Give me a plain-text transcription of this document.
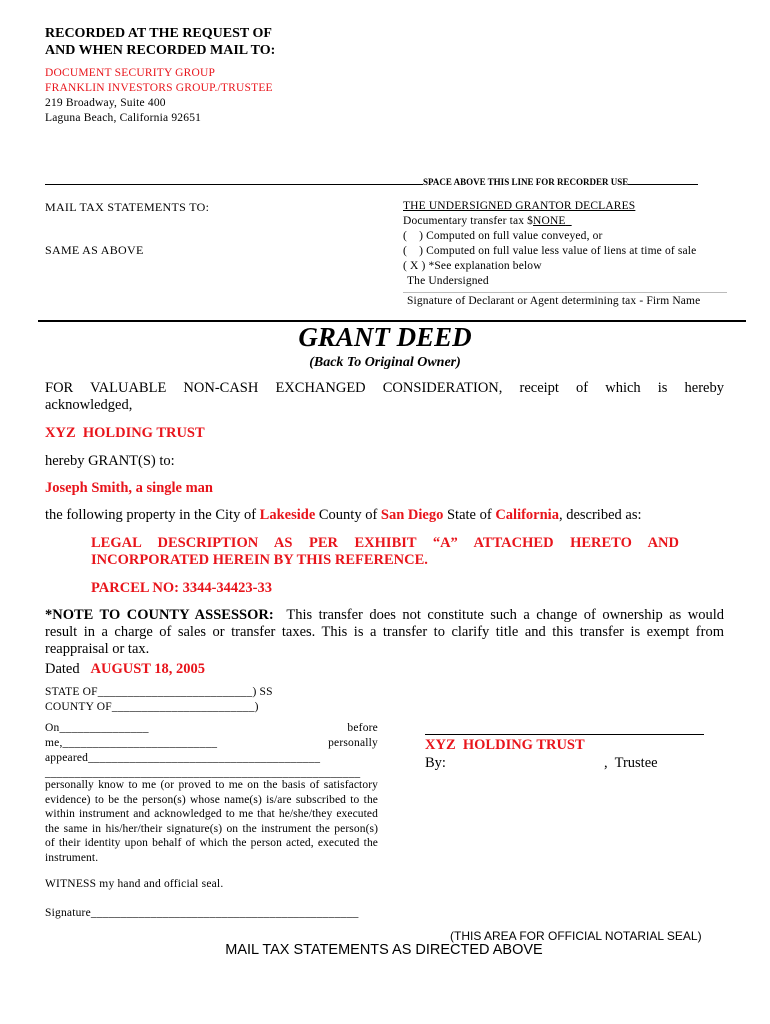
RECORDED AT THE REQUEST OF
AND WHEN RECORDED MAIL TO:
DOCUMENT SECURITY GROUP
FRANKLIN INVESTORS GROUP./TRUSTEE
219 Broadway, Suite 400
Laguna Beach, California 92651
SPACE ABOVE THIS LINE FOR RECORDER USE
MAIL TAX STATEMENTS TO:
SAME AS ABOVE
THE UNDERSIGNED GRANTOR DECLARES
Documentary transfer tax $NONE
(    ) Computed on full value conveyed, or
(    ) Computed on full value less value of liens at time of sale
( X ) *See explanation below
The Undersigned
Signature of Declarant or Agent determining tax - Firm Name
GRANT DEED
(Back To Original Owner)
FOR  VALUABLE  NON-CASH  EXCHANGED  CONSIDERATION,  receipt  of  which  is  hereby
acknowledged,
XYZ  HOLDING TRUST
hereby GRANT(S) to:
Joseph Smith, a single man
the following property in the City of Lakeside County of San Diego State of California, described as:
LEGAL  DESCRIPTION  AS  PER  EXHIBIT  “A”  ATTACHED  HERETO  AND
INCORPORATED HEREIN BY THIS REFERENCE.
PARCEL NO: 3344-34423-33
*NOTE TO COUNTY ASSESSOR:  This transfer does not constitute such a change of ownership as would
result in a charge of sales or transfer taxes. This is a transfer to clarify title and this transfer is exempt from
reappraisal or tax.
Dated AUGUST 18, 2005
STATE OF__________________________) SS
COUNTY OF________________________)
On_______________	before
me,__________________________	personally
appeared_______________________________________
_____________________________________________________
personally know to me (or proved to me on the basis of satisfactory evidence) to be the person(s) whose name(s) is/are subscribed to the within instrument and acknowledged to me that he/she/they executed the same in his/her/their signature(s) on the instrument the person(s) of their identity upon behalf of which the person acted, executed the instrument.
WITNESS my hand and official seal.
Signature_____________________________________________
XYZ  HOLDING TRUST
By:	,  Trustee
(THIS AREA FOR OFFICIAL NOTARIAL SEAL)
MAIL TAX STATEMENTS AS DIRECTED ABOVE
